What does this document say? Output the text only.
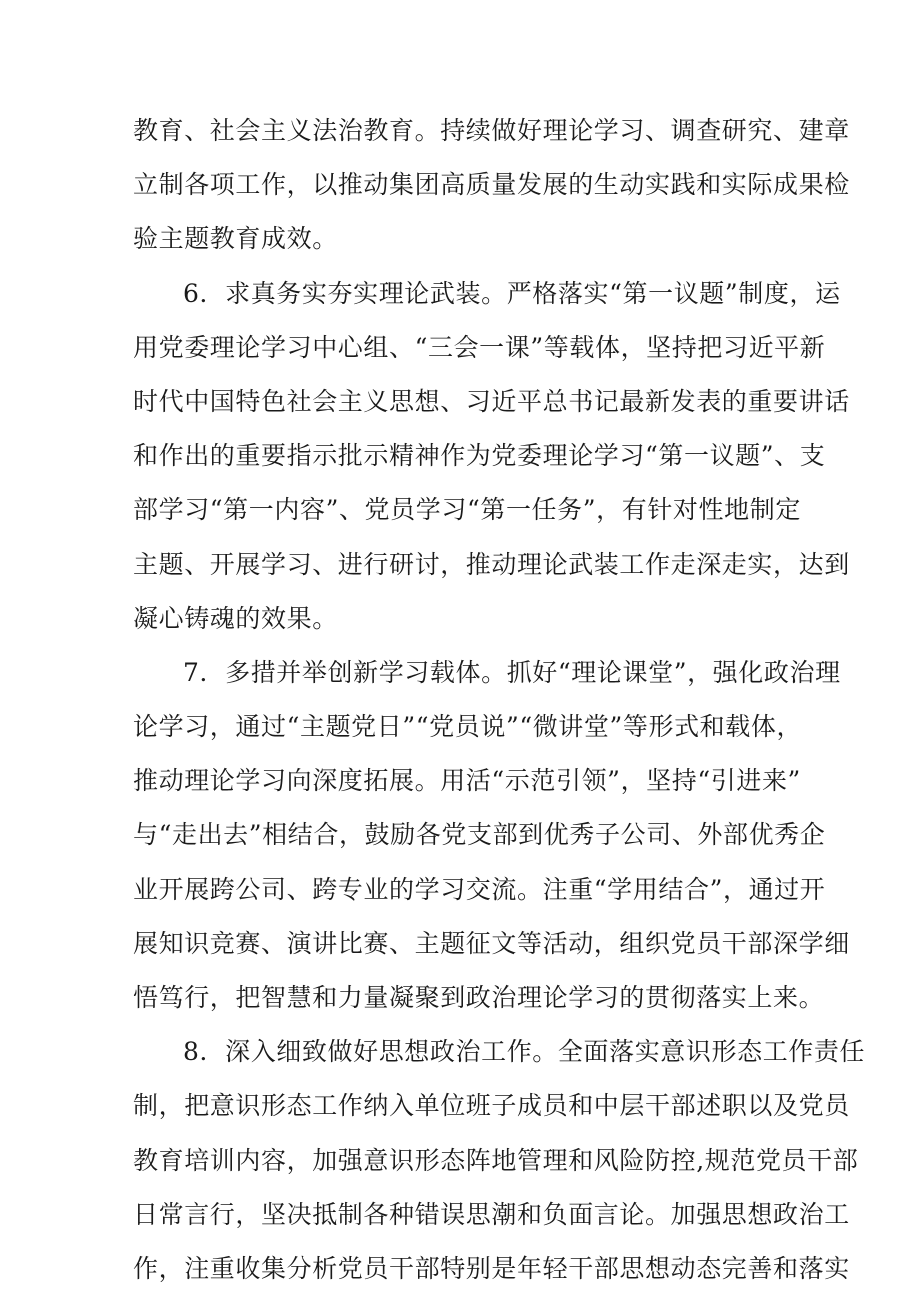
教育、社会主义法治教育。持续做好理论学习、调查研究、建章
立制各项工作，以推动集团高质量发展的生动实践和实际成果检
验主题教育成效。
6．求真务实夯实理论武装。严格落实“第一议题”制度，运
用党委理论学习中心组、“三会一课”等载体，坚持把习近平新
时代中国特色社会主义思想、习近平总书记最新发表的重要讲话
和作出的重要指示批示精神作为党委理论学习“第一议题”、支
部学习“第一内容”、党员学习“第一任务”，有针对性地制定
主题、开展学习、进行研讨，推动理论武装工作走深走实，达到
凝心铸魂的效果。
7．多措并举创新学习载体。抓好“理论课堂”，强化政治理
论学习，通过“主题党日”“党员说”“微讲堂”等形式和载体，
推动理论学习向深度拓展。用活“示范引领”，坚持“引进来”
与“走出去”相结合，鼓励各党支部到优秀子公司、外部优秀企
业开展跨公司、跨专业的学习交流。注重“学用结合”，通过开
展知识竞赛、演讲比赛、主题征文等活动，组织党员干部深学细
悟笃行，把智慧和力量凝聚到政治理论学习的贯彻落实上来。
8．深入细致做好思想政治工作。全面落实意识形态工作责任
制，把意识形态工作纳入单位班子成员和中层干部述职以及党员
教育培训内容，加强意识形态阵地管理和风险防控,规范党员干部
日常言行，坚决抵制各种错误思潮和负面言论。加强思想政治工
作，注重收集分析党员干部特别是年轻干部思想动态完善和落实
